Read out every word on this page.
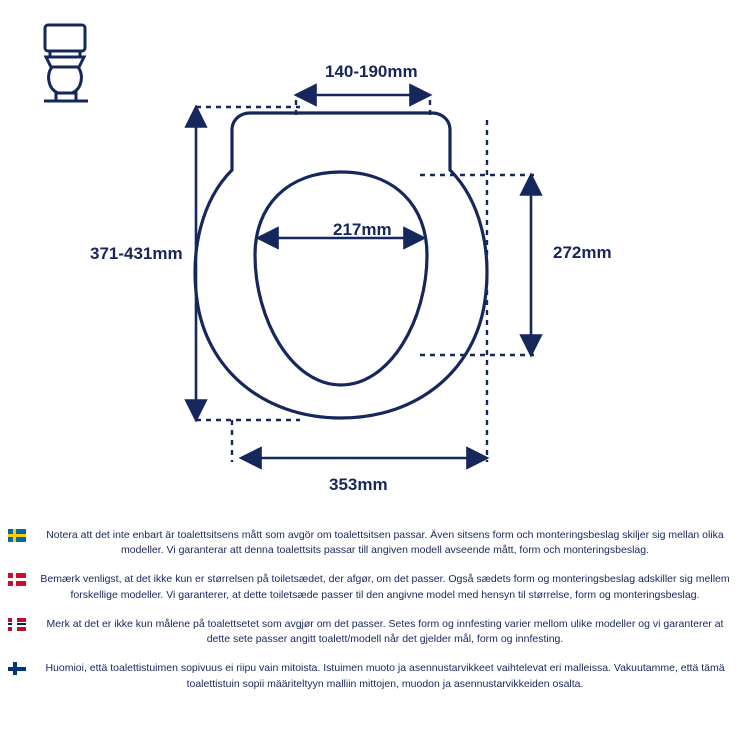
140-190mm
371-431mm
217mm
272mm
353mm
Notera att det inte enbart är toalettsitsens mått som avgör om toalettsitsen passar. Även sitsens form och monteringsbeslag skiljer sig mellan olika modeller. Vi garanterar att denna toalettsits passar till angiven modell avseende mått, form och monteringsbeslag.
Bemærk venligst, at det ikke kun er størrelsen på toiletsædet, der afgør, om det passer. Også sædets form og monteringsbeslag adskiller sig mellem forskellige modeller. Vi garanterer, at dette toiletsæde passer til den angivne model med hensyn til størrelse, form og monteringsbeslag.
Merk at det er ikke kun målene på toalettsetet som avgjør om det passer. Setes form og innfesting varier mellom ulike modeller og vi garanterer at dette sete passer angitt toalett/modell når det gjelder mål, form og innfesting.
Huomioi, että toalettistuimen sopivuus ei riipu vain mitoista. Istuimen muoto ja asennustarvikkeet vaihtelevat eri malleissa. Vakuutamme, että tämä toalettistuin sopii määriteltyyn malliin mittojen, muodon ja asennustarvikkeiden osalta.
